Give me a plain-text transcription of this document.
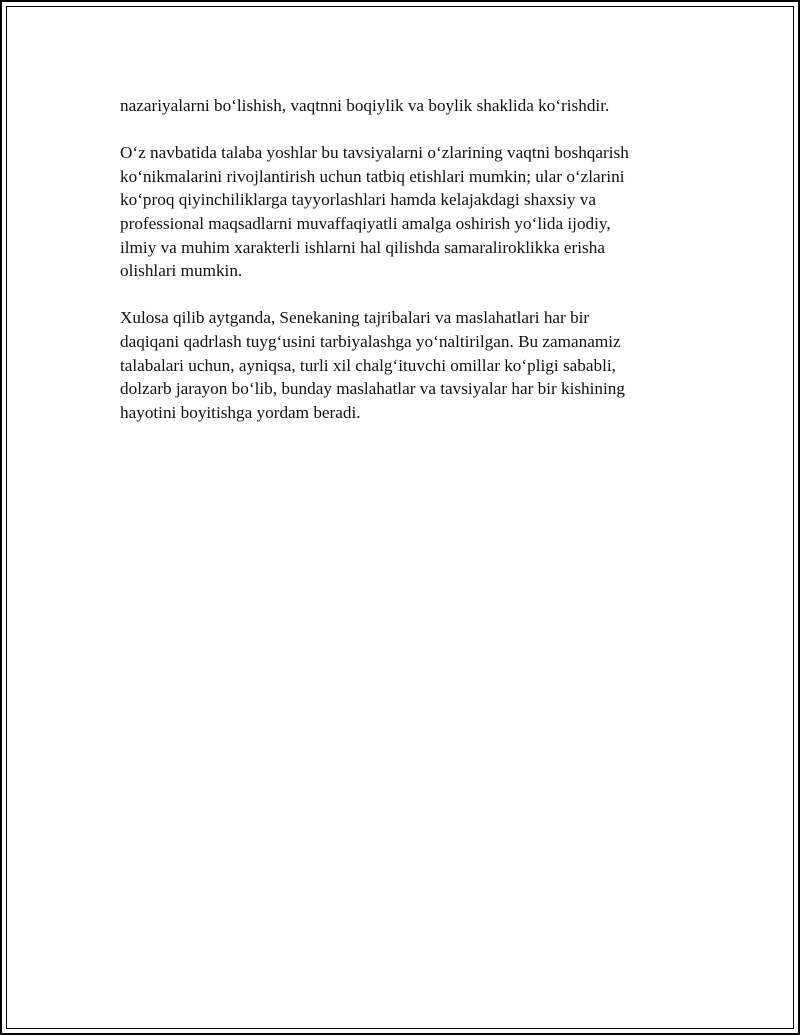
nazariyalarni bo‘lishish, vaqtnni boqiylik va boylik shaklida ko‘rishdir.

O‘z navbatida talaba yoshlar bu tavsiyalarni o‘zlarining vaqtni boshqarish
ko‘nikmalarini rivojlantirish uchun tatbiq etishlari mumkin; ular o‘zlarini
ko‘proq qiyinchiliklarga tayyorlashlari hamda kelajakdagi shaxsiy va
professional maqsadlarni muvaffaqiyatli amalga oshirish yo‘lida ijodiy,
ilmiy va muhim xarakterli ishlarni hal qilishda samaraliroklikka erisha
olishlari mumkin.

Xulosa qilib aytganda, Senekaning tajribalari va maslahatlari har bir
daqiqani qadrlash tuyg‘usini tarbiyalashga yo‘naltirilgan. Bu zamanamiz
talabalari uchun, ayniqsa, turli xil chalg‘ituvchi omillar ko‘pligi sababli,
dolzarb jarayon bo‘lib, bunday maslahatlar va tavsiyalar har bir kishining
hayotini boyitishga yordam beradi.
